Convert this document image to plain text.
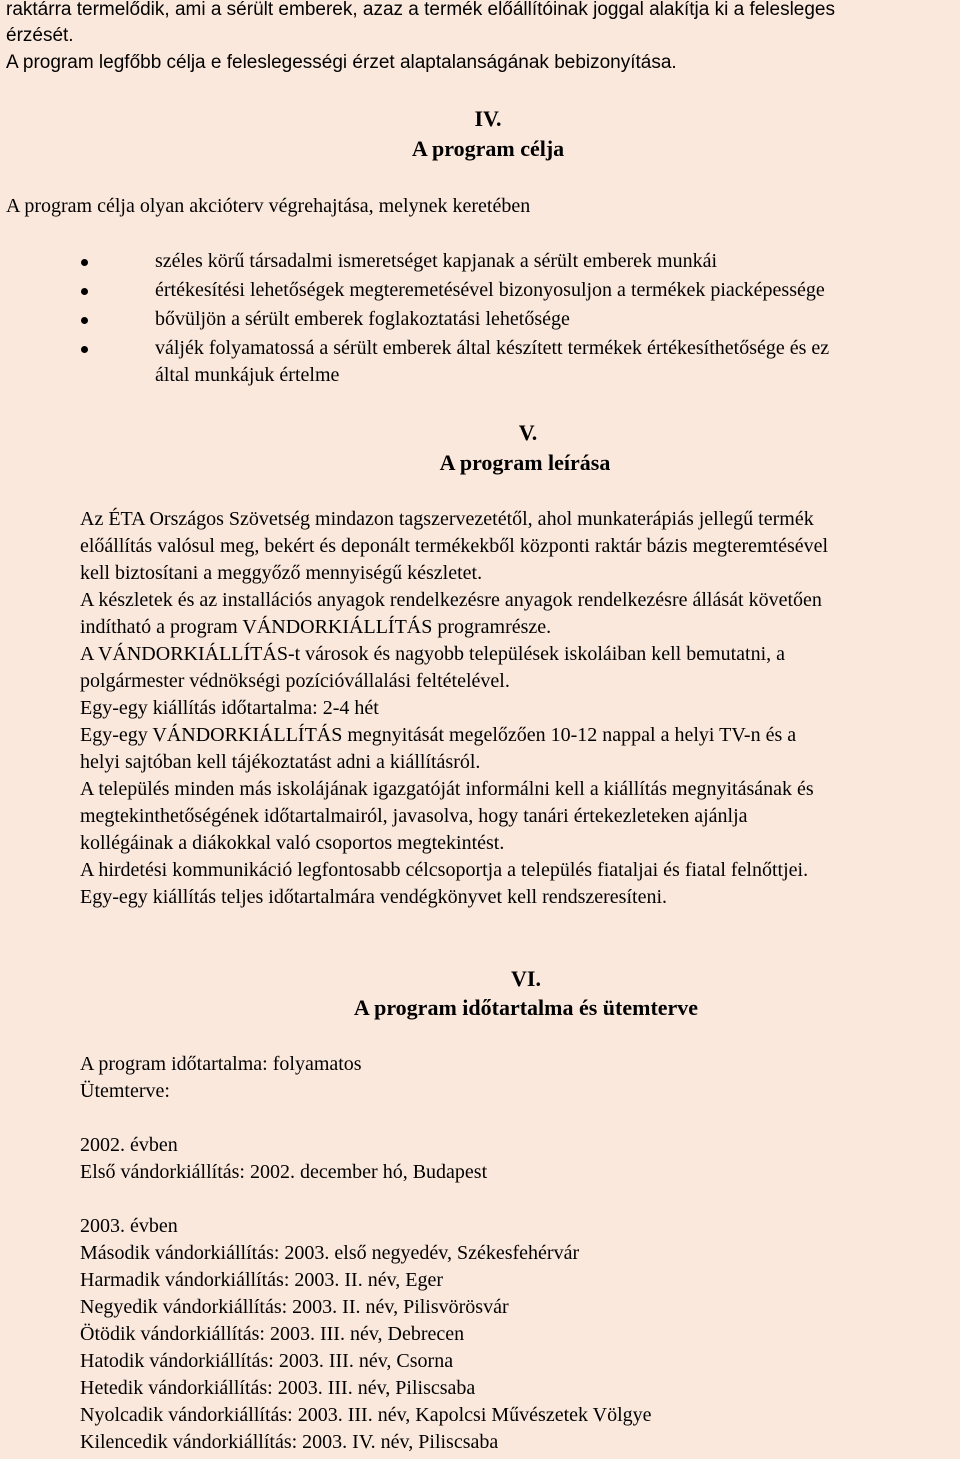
raktárra termelődik, ami a sérült emberek, azaz a termék előállítóinak joggal alakítja ki a felesleges
érzését.
A program legfőbb célja e feleslegességi érzet alaptalanságának bebizonyítása.
IV.
A program célja
A program célja olyan akcióterv végrehajtása, melynek keretében
széles körű társadalmi ismeretséget kapjanak a sérült emberek munkái
értékesítési lehetőségek megteremetésével bizonyosuljon a termékek piacképessége
bővüljön a sérült emberek foglakoztatási lehetősége
váljék folyamatossá a sérült emberek által készített termékek értékesíthetősége és ez
által munkájuk értelme
V.
A program leírása
Az ÉTA Országos Szövetség mindazon tagszervezetétől, ahol munkaterápiás jellegű termék
előállítás valósul meg, bekért és deponált termékekből központi raktár bázis megteremtésével
kell biztosítani a meggyőző mennyiségű készletet.
A készletek és az installációs anyagok rendelkezésre anyagok rendelkezésre állását követően
indítható a program VÁNDORKIÁLLÍTÁS programrésze.
A VÁNDORKIÁLLÍTÁS-t városok és nagyobb települések iskoláiban kell bemutatni, a
polgármester védnökségi pozícióvállalási feltételével.
Egy-egy kiállítás időtartalma: 2-4 hét
Egy-egy VÁNDORKIÁLLÍTÁS megnyitását megelőzően 10-12 nappal a helyi TV-n és a
helyi sajtóban kell tájékoztatást adni a kiállításról.
A település minden más iskolájának igazgatóját informálni kell a kiállítás megnyitásának és
megtekinthetőségének időtartalmairól, javasolva, hogy tanári értekezleteken ajánlja
kollégáinak a diákokkal való csoportos megtekintést.
A hirdetési kommunikáció legfontosabb célcsoportja a település fiataljai és fiatal felnőttjei.
Egy-egy kiállítás teljes időtartalmára vendégkönyvet kell rendszeresíteni.
VI.
A program időtartalma és ütemterve
A program időtartalma: folyamatos
Ütemterve:
2002. évben
Első vándorkiállítás: 2002. december hó, Budapest
2003. évben
Második vándorkiállítás: 2003. első negyedév, Székesfehérvár
Harmadik vándorkiállítás: 2003. II. név, Eger
Negyedik vándorkiállítás: 2003. II. név, Pilisvörösvár
Ötödik vándorkiállítás: 2003. III. név, Debrecen
Hatodik vándorkiállítás: 2003. III. név, Csorna
Hetedik vándorkiállítás: 2003. III. név, Piliscsaba
Nyolcadik vándorkiállítás: 2003. III. név, Kapolcsi Művészetek Völgye
Kilencedik vándorkiállítás: 2003. IV. név, Piliscsaba
